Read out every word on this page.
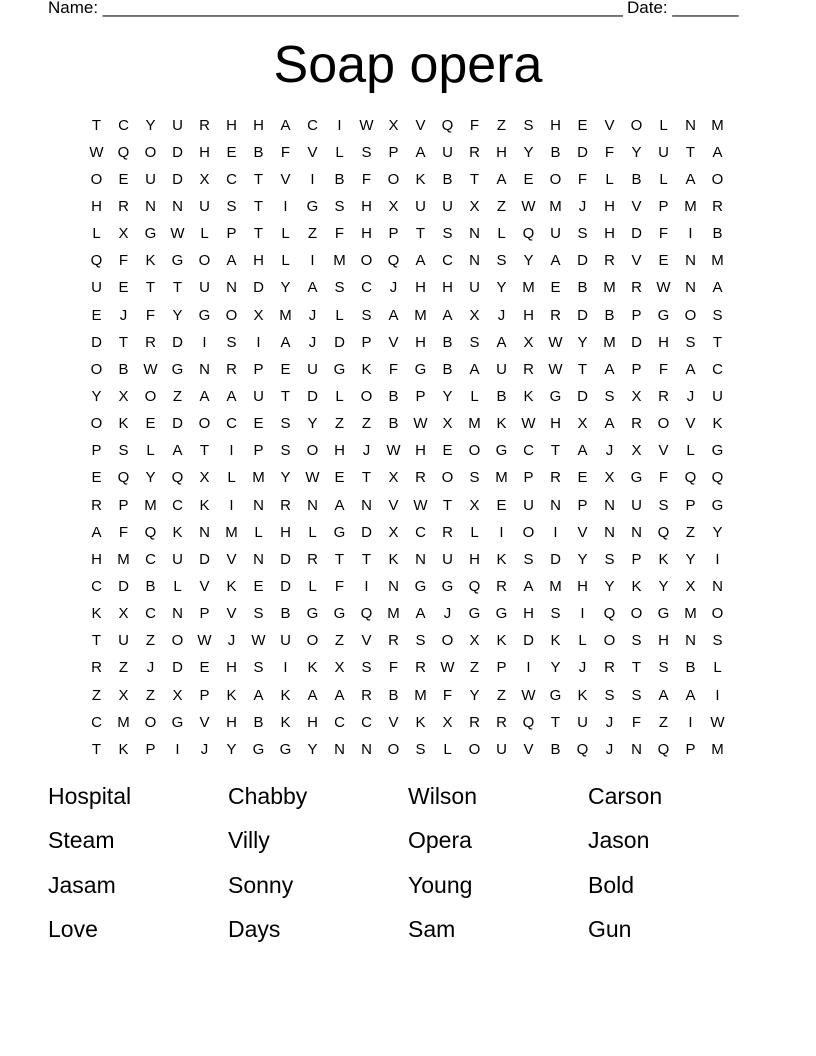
Name: _______________________________________________________ Date: _______
Soap opera
T	C	Y	U	R	H	H	A	C	I	W X	V	Q	F	Z	S	H	E	V	O	L	N	M
W Q	O	D	H	E	B	F	V	L	S	P	A	U	R	H	Y	B	D	F	Y	U	T	A
O	E	U	D	X	C	T	V	I	B	F	O	K	B	T	A	E	O	F	L	B	L	A	O
H	R	N	N	U	S	T	I	G	S	H	X	U	U	X	Z	W M	J	H	V	P	M	R
L	X	G W	L	P	T	L	Z	F	H	P	T	S	N	L	Q	U	S	H	D	F	I	B
Q	F	K	G	O	A	H	L	I	M O	Q	A	C	N	S	Y	A	D	R	V	E	N	M
U	E	T	T	U	N	D	Y	A	S	C	J	H	H	U	Y	M	E	B	M	R W N	A
E	J	F	Y	G	O	X	M	J	L	S	A	M	A	X	J	H	R	D	B	P	G	O	S
D	T	R	D	I	S	I	A	J	D	P	V	H	B	S	A	X W Y	M	D	H	S	T
O	B W G	N	R	P	E	U	G	K	F	G	B	A	U	R W	T	A	P	F	A	C
Y	X	O	Z	A	A	U	T	D	L	O	B	P	Y	L	B	K	G	D	S	X	R	J	U
O	K	E	D	O	C	E	S	Y	Z	Z	B W X	M	K W H	X	A	R	O	V	K
P	S	L	A	T	I	P	S	O	H	J	W H	E	O	G	C	T	A	J	X	V	L	G
E	Q	Y	Q	X	L	M	Y W E	T	X	R	O	S	M	P	R	E	X	G	F	Q	Q
R	P	M	C	K	I	N	R	N	A	N	V W	T	X	E	U	N	P	N	U	S	P	G
A	F	Q	K	N	M	L	H	L	G	D	X	C	R	L	I	O	I	V	N	N	Q	Z	Y
H	M	C	U	D	V	N	D	R	T	T	K	N	U	H	K	S	D	Y	S	P	K	Y	I
C	D	B	L	V	K	E	D	L	F	I	N	G	G	Q	R	A	M	H	Y	K	Y	X	N
K	X	C	N	P	V	S	B	G	G	Q M	A	J	G	G	H	S	I	Q	O	G M O
T	U	Z	O W	J	W U	O	Z	V	R	S	O	X	K	D	K	L	O	S	H	N	S
R	Z	J	D	E	H	S	I	K	X	S	F	R W	Z	P	I	Y	J	R	T	S	B	L
Z	X	Z	X	P	K	A	K	A	A	R	B	M	F	Y	Z	W G	K	S	S	A	A	I
C	M O	G	V	H	B	K	H	C	C	V	K	X	R	R	Q	T	U	J	F	Z	I	W
T	K	P	I	J	Y	G	G	Y	N	N	O	S	L	O	U	V	B	Q	J	N	Q	P	M
Hospital	Chabby	Wilson	Carson
Steam	Villy	Opera	Jason
Jasam	Sonny	Young	Bold
Love	Days	Sam	Gun
